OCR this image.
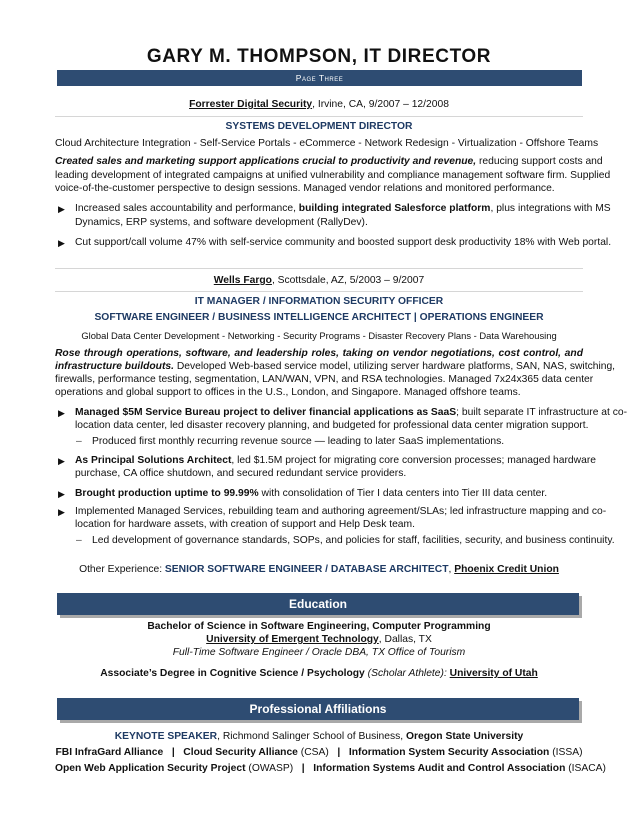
GARY M. THOMPSON, IT DIRECTOR
Page Three
Forrester Digital Security, Irvine, CA, 9/2007 – 12/2008
SYSTEMS DEVELOPMENT DIRECTOR
Cloud Architecture Integration - Self-Service Portals - eCommerce - Network Redesign - Virtualization - Offshore Teams
Created sales and marketing support applications crucial to productivity and revenue, reducing support costs and
leading development of integrated campaigns at unified vulnerability and compliance management software firm. Supplied
voice-of-the-customer perspective to design sessions. Managed vendor relations and monitored performance.
▶ Increased sales accountability and performance, building integrated Salesforce platform, plus integrations with MS
Dynamics, ERP systems, and software development (RallyDev).
▶ Cut support/call volume 47% with self-service community and boosted support desk productivity 18% with Web portal.
Wells Fargo, Scottsdale, AZ, 5/2003 – 9/2007
IT MANAGER / INFORMATION SECURITY OFFICER
SOFTWARE ENGINEER / BUSINESS INTELLIGENCE ARCHITECT | OPERATIONS ENGINEER
Global Data Center Development - Networking - Security Programs - Disaster Recovery Plans - Data Warehousing
Rose through operations, software, and leadership roles, taking on vendor negotiations, cost control, and
infrastructure buildouts. Developed Web-based service model, utilizing server hardware platforms, SAN, NAS, switching,
firewalls, performance testing, segmentation, LAN/WAN, VPN, and RSA technologies. Managed 7x24x365 data center
operations and global support to offices in the U.S., London, and Singapore. Managed offshore teams.
▶ Managed $5M Service Bureau project to deliver financial applications as SaaS; built separate IT infrastructure at co-
location data center, led disaster recovery planning, and budgeted for professional data center migration support.
– Produced first monthly recurring revenue source — leading to later SaaS implementations.
▶ As Principal Solutions Architect, led $1.5M project for migrating core conversion processes; managed hardware
purchase, CA office shutdown, and secured redundant service providers.
▶ Brought production uptime to 99.99% with consolidation of Tier I data centers into Tier III data center.
▶ Implemented Managed Services, rebuilding team and authoring agreement/SLAs; led infrastructure mapping and co-
location for hardware assets, with creation of support and Help Desk team.
– Led development of governance standards, SOPs, and policies for staff, facilities, security, and business continuity.
Other Experience: SENIOR SOFTWARE ENGINEER / DATABASE ARCHITECT, Phoenix Credit Union
Education
Bachelor of Science in Software Engineering, Computer Programming
University of Emergent Technology, Dallas, TX
Full-Time Software Engineer / Oracle DBA, TX Office of Tourism
Associate’s Degree in Cognitive Science / Psychology (Scholar Athlete): University of Utah
Professional Affiliations
KEYNOTE SPEAKER, Richmond Salinger School of Business, Oregon State University
FBI InfraGard Alliance   |   Cloud Security Alliance (CSA)   |   Information System Security Association (ISSA)
Open Web Application Security Project (OWASP)   |   Information Systems Audit and Control Association (ISACA)
